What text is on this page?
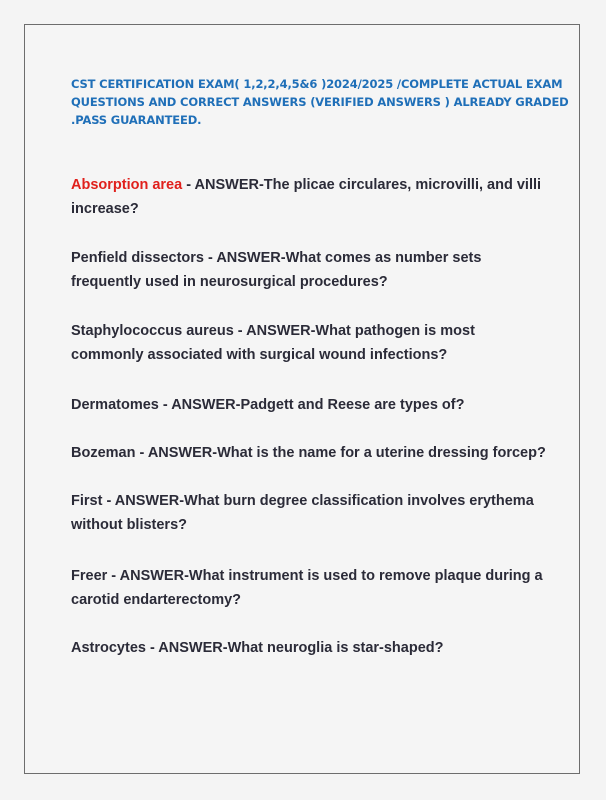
CST CERTIFICATION EXAM( 1,2,2,4,5&6 )2024/2025 /COMPLETE ACTUAL EXAM
QUESTIONS AND CORRECT ANSWERS (VERIFIED ANSWERS ) ALREADY GRADED
.PASS GUARANTEED.
Absorption area - ANSWER-The plicae circulares, microvilli, and villi increase?
Penfield dissectors - ANSWER-What comes as number sets frequently used in neurosurgical procedures?
Staphylococcus aureus - ANSWER-What pathogen is most commonly associated with surgical wound infections?
Dermatomes - ANSWER-Padgett and Reese are types of?
Bozeman - ANSWER-What is the name for a uterine dressing forcep?
First - ANSWER-What burn degree classification involves erythema without blisters?
Freer - ANSWER-What instrument is used to remove plaque during a carotid endarterectomy?
Astrocytes - ANSWER-What neuroglia is star-shaped?
